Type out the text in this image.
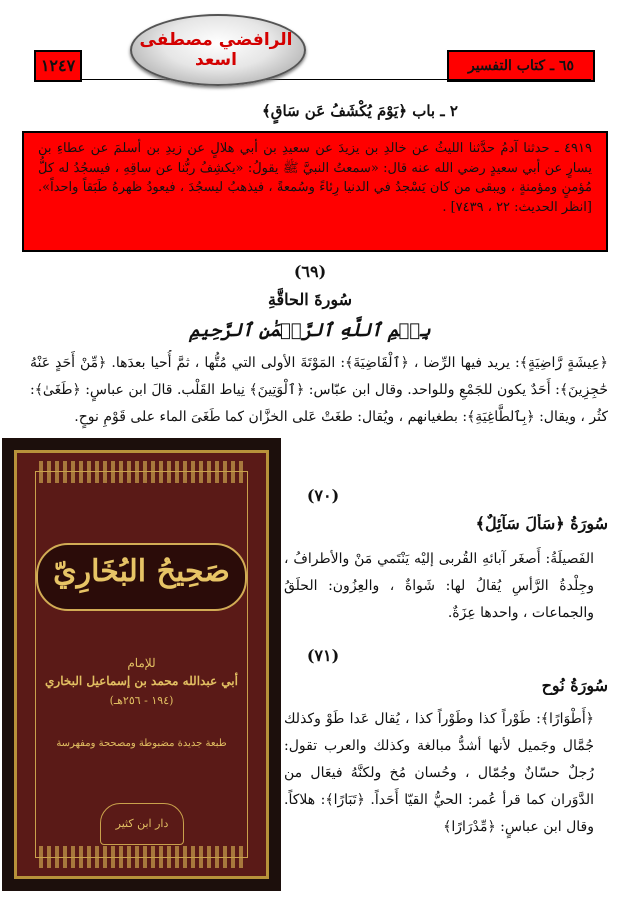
١٢٤٧	٦٥ ـ كتاب التفسير
الرافضي مصطفى اسعد
٢ ـ باب ﴿يَوْمَ يُكْشَفُ عَن سَاقٍ﴾
٤٩١٩ ـ حدثنا آدمُ حدَّثنا الليثُ عن خالدِ بن يزيدَ عن سعيدِ بن أبي هلالٍ عن زيدِ بن أسلمَ عن عطاءِ بن يسارٍ عن أبي سعيدٍ رضي الله عنه قال: «سمعتُ النبيَّ ﷺ يقولُ: «يكشِفُ ربُّنا عن ساقِهِ ، فيسجُدُ له كلُّ مُؤمنٍ ومؤمنةٍ ، ويبقى من كان يَسْجدُ في الدنيا رِئاءً وسُمعةً ، فيذهبُ ليسجُدَ ، فيعودُ ظهرهُ طَبَقاً واحداً». [انظر الحديث: ٢٢ ، ٧٤٣٩] .
(٦٩)
سُورةَ الحاقَّةِ
بِسۡمِ ٱللَّهِ ٱلرَّحۡمَٰنِ ٱلرَّحِيمِ
﴿عِيشَةٍ رَّاضِيَةٍ﴾: يريد فيها الرِّضا ، ﴿ٱلْقَاضِيَةَ﴾: المَوْتَةَ الأولى التي مُتُّها ، ثمَّ أُحيا بعدَها. ﴿مِّنْ أَحَدٍ عَنْهُ حَٰجِزِينَ﴾: أَحَدٌ يكون للجَمْعِ وللواحد. وقال ابن عبّاس: ﴿ٱلْوَتِينَ﴾ نِياط القَلْب. قالَ ابن عباسٍ: ﴿طَغَىٰ﴾: كثُر ، ويقال: ﴿بِٱلطَّاغِيَةِ﴾: بطغيانهم ، ويُقال: طغَتْ عَلى الخزَّان كما طَغَىَ الماء على قَوْمِ نوحٍ.
(٧٠)
سُورَةُ ﴿سَأَلَ سَآئِلٌ﴾
الفَصيلَةُ: أَصغَر آبائهِ القُربى إليْه يَنْتَمي مَنْ والأطرافُ ، وجِلْدةُ الرَّأسِ يُقالُ لها: شَواةٌ ، والعِزُون: الحلَقُ والجماعات ، واحدها عِزَةٌ.
(٧١)
سُورَةُ نُوحٍ
﴿أَطْوَارًا﴾: طَوْراً كذا وطَوْراً كذا ، يُقال عَدا طَوْ وكذلك جُمَّال وجَميل لأنها أشدُّ مبالغة وكذلك والعرب تقول: رُجلٌ حسّانٌ وجُمّال ، وحُسان مُخ ولكنَّهُ فيعَال من الدَّوَران كما قرأ عُمر: الحيُّ القيّا أَحَداً. ﴿تَبَارًا﴾: هلاكاً. وقال ابن عباسٍ: ﴿مِّدْرَارًا﴾
صَحِيحُ البُخَارِيّ
للإمام
أبي عبدالله محمد بن إسماعيل البخاري
(١٩٤ - ٢٥٦هـ)
طبعة جديدة مضبوطة ومصححة ومفهرسة
دار ابن كثير
